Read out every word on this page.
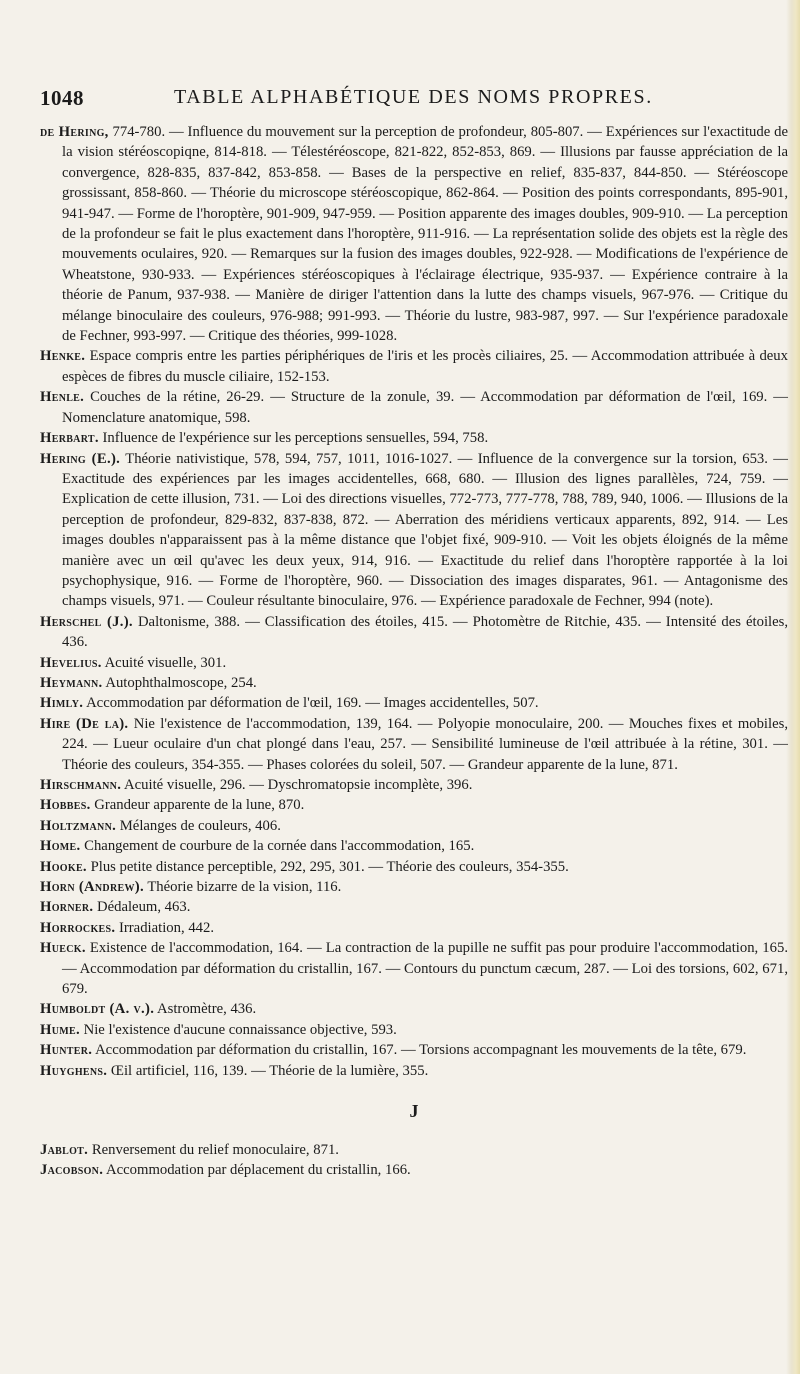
1048	TABLE ALPHABÉTIQUE DES NOMS PROPRES.

de Hering, 774-780. — Influence du mouvement sur la perception de profondeur, 805-807. — Expériences sur l'exactitude de la vision stéréoscopiqne, 814-818. — Télestéréoscope, 821-822, 852-853, 869. — Illusions par fausse appréciation de la convergence, 828-835, 837-842, 853-858. — Bases de la perspective en relief, 835-837, 844-850. — Stéréoscope grossissant, 858-860. — Théorie du microscope stéréoscopique, 862-864. — Position des points correspondants, 895-901, 941-947. — Forme de l'horoptère, 901-909, 947-959. — Position apparente des images doubles, 909-910. — La perception de la profondeur se fait le plus exactement dans l'horoptère, 911-916. — La représentation solide des objets est la règle des mouvements oculaires, 920. — Remarques sur la fusion des images doubles, 922-928. — Modifications de l'expérience de Wheatstone, 930-933. — Expériences stéréoscopiques à l'éclairage électrique, 935-937. — Expérience contraire à la théorie de Panum, 937-938. — Manière de diriger l'attention dans la lutte des champs visuels, 967-976. — Critique du mélange binoculaire des couleurs, 976-988; 991-993. — Théorie du lustre, 983-987, 997. — Sur l'expérience paradoxale de Fechner, 993-997. — Critique des théories, 999-1028.

Henke. Espace compris entre les parties périphériques de l'iris et les procès ciliaires, 25. — Accommodation attribuée à deux espèces de fibres du muscle ciliaire, 152-153.

Henle. Couches de la rétine, 26-29. — Structure de la zonule, 39. — Accommodation par déformation de l'œil, 169. — Nomenclature anatomique, 598.

Herbart. Influence de l'expérience sur les perceptions sensuelles, 594, 758.

Hering (E.). Théorie nativistique, 578, 594, 757, 1011, 1016-1027. — Influence de la convergence sur la torsion, 653. — Exactitude des expériences par les images accidentelles, 668, 680. — Illusion des lignes parallèles, 724, 759. — Explication de cette illusion, 731. — Loi des directions visuelles, 772-773, 777-778, 788, 789, 940, 1006. — Illusions de la perception de profondeur, 829-832, 837-838, 872. — Aberration des méridiens verticaux apparents, 892, 914. — Les images doubles n'apparaissent pas à la même distance que l'objet fixé, 909-910. — Voit les objets éloignés de la même manière avec un œil qu'avec les deux yeux, 914, 916. — Exactitude du relief dans l'horoptère rapportée à la loi psychophysique, 916. — Forme de l'horoptère, 960. — Dissociation des images disparates, 961. — Antagonisme des champs visuels, 971. — Couleur résultante binoculaire, 976. — Expérience paradoxale de Fechner, 994 (note).

Herschel (J.). Daltonisme, 388. — Classification des étoiles, 415. — Photomètre de Ritchie, 435. — Intensité des étoiles, 436.

Hevelius. Acuité visuelle, 301.

Heymann. Autophthalmoscope, 254.

Himly. Accommodation par déformation de l'œil, 169. — Images accidentelles, 507.

Hire (De la). Nie l'existence de l'accommodation, 139, 164. — Polyopie monoculaire, 200. — Mouches fixes et mobiles, 224. — Lueur oculaire d'un chat plongé dans l'eau, 257. — Sensibilité lumineuse de l'œil attribuée à la rétine, 301. — Théorie des couleurs, 354-355. — Phases colorées du soleil, 507. — Grandeur apparente de la lune, 871.

Hirschmann. Acuité visuelle, 296. — Dyschromatopsie incomplète, 396.

Hobbes. Grandeur apparente de la lune, 870.

Holtzmann. Mélanges de couleurs, 406.

Home. Changement de courbure de la cornée dans l'accommodation, 165.

Hooke. Plus petite distance perceptible, 292, 295, 301. — Théorie des couleurs, 354-355.

Horn (Andrew). Théorie bizarre de la vision, 116.

Horner. Dédaleum, 463.

Horrockes. Irradiation, 442.

Hueck. Existence de l'accommodation, 164. — La contraction de la pupille ne suffit pas pour produire l'accommodation, 165. — Accommodation par déformation du cristallin, 167. — Contours du punctum cæcum, 287. — Loi des torsions, 602, 671, 679.

Humboldt (A. v.). Astromètre, 436.

Hume. Nie l'existence d'aucune connaissance objective, 593.

Hunter. Accommodation par déformation du cristallin, 167. — Torsions accompagnant les mouvements de la tête, 679.

Huyghens. Œil artificiel, 116, 139. — Théorie de la lumière, 355.

J

Jablot. Renversement du relief monoculaire, 871.

Jacobson. Accommodation par déplacement du cristallin, 166.
